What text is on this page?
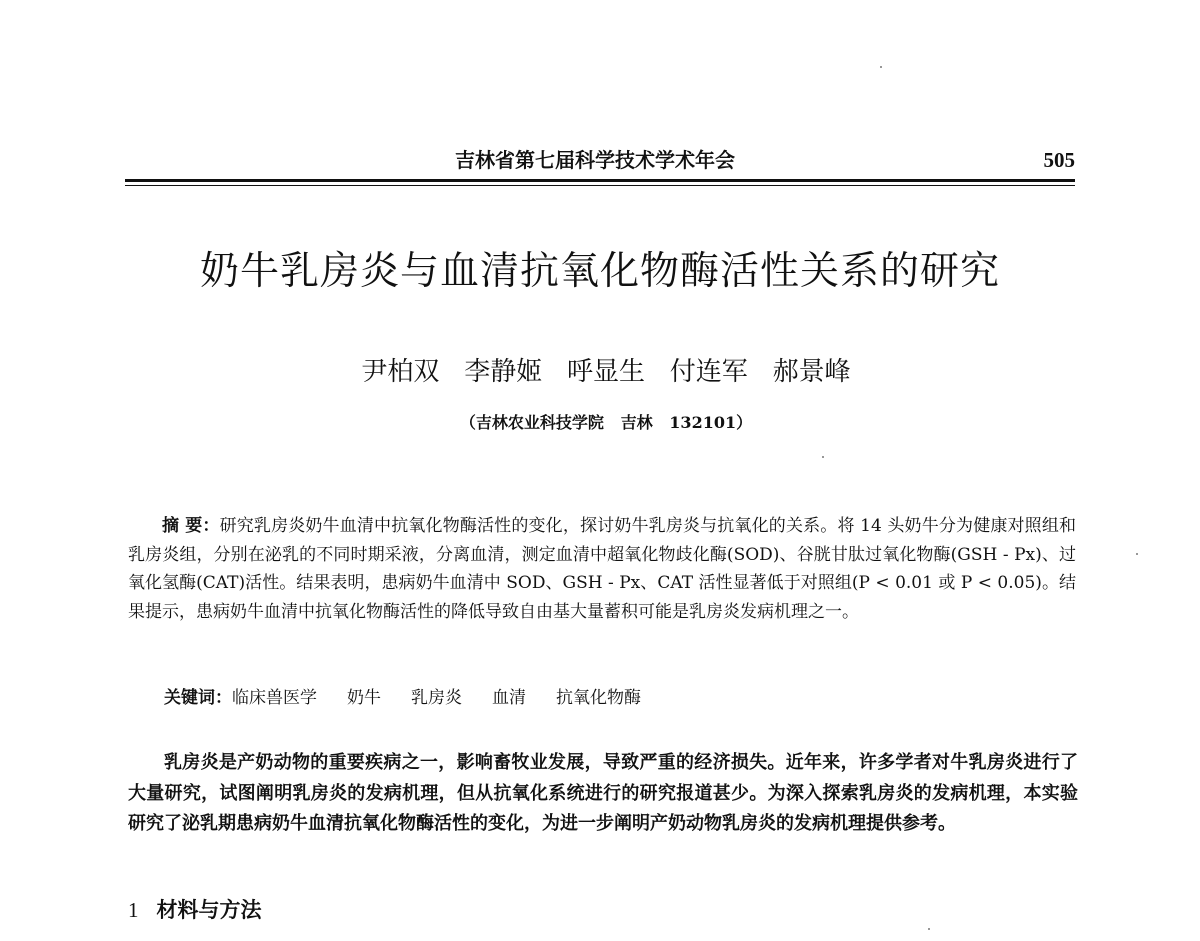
吉林省第七届科学技术学术年会	505
奶牛乳房炎与血清抗氧化物酶活性关系的研究
尹柏双   李静姬   呼显生   付连军   郝景峰
（吉林农业科技学院   吉林   132101）
摘 要：研究乳房炎奶牛血清中抗氧化物酶活性的变化，探讨奶牛乳房炎与抗氧化的关系。将 14 头奶牛分为健康对照组和乳房炎组，分别在泌乳的不同时期采液，分离血清，测定血清中超氧化物歧化酶(SOD)、谷胱甘肽过氧化物酶(GSH - Px)、过氧化氢酶(CAT)活性。结果表明，患病奶牛血清中 SOD、GSH - Px、CAT 活性显著低于对照组(P < 0.01 或 P < 0.05)。结果提示，患病奶牛血清中抗氧化物酶活性的降低导致自由基大量蓄积可能是乳房炎发病机理之一。
关键词：临床兽医学 奶牛 乳房炎 血清 抗氧化物酶
乳房炎是产奶动物的重要疾病之一，影响畜牧业发展，导致严重的经济损失。近年来，许多学者对牛乳房炎进行了大量研究，试图阐明乳房炎的发病机理，但从抗氧化系统进行的研究报道甚少。为深入探索乳房炎的发病机理，本实验研究了泌乳期患病奶牛血清抗氧化物酶活性的变化，为进一步阐明产奶动物乳房炎的发病机理提供参考。
1 材料与方法
